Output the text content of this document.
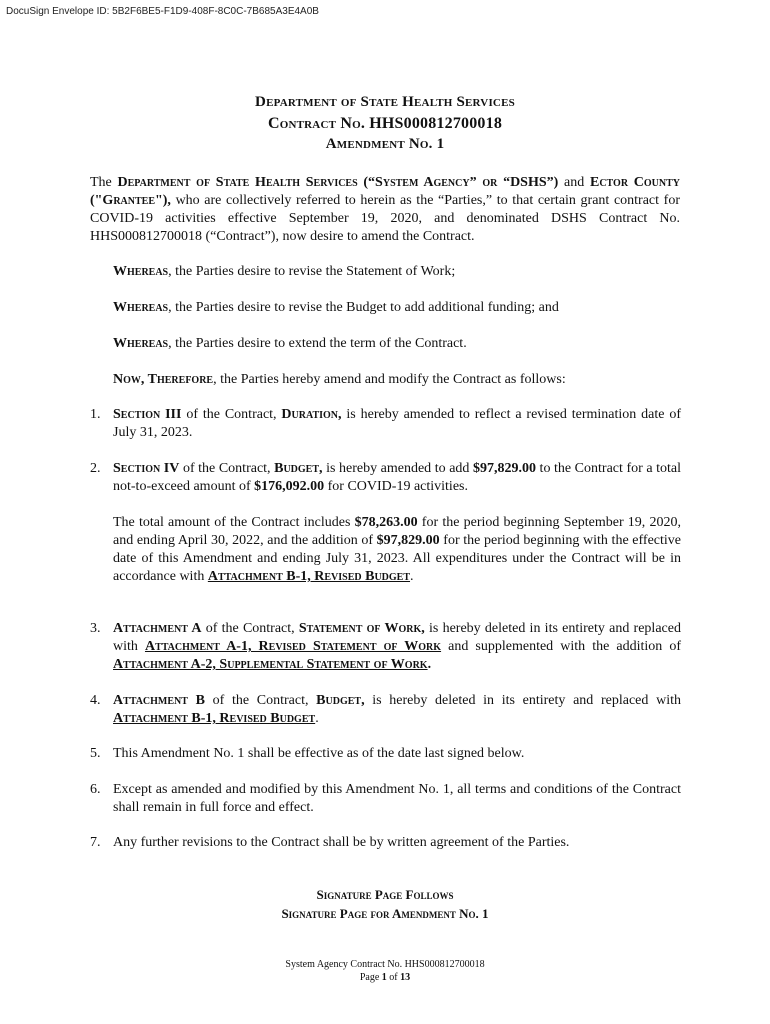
DocuSign Envelope ID: 5B2F6BE5-F1D9-408F-8C0C-7B685A3E4A0B
Department of State Health Services
Contract No. HHS000812700018
Amendment No. 1
The Department of State Health Services (“System Agency” or “DSHS”) and Ector County ("Grantee"), who are collectively referred to herein as the “Parties,” to that certain grant contract for COVID-19 activities effective September 19, 2020, and denominated DSHS Contract No. HHS000812700018 (“Contract”), now desire to amend the Contract.
Whereas, the Parties desire to revise the Statement of Work;
Whereas, the Parties desire to revise the Budget to add additional funding; and
Whereas, the Parties desire to extend the term of the Contract.
Now, Therefore, the Parties hereby amend and modify the Contract as follows:
1. Section III of the Contract, Duration, is hereby amended to reflect a revised termination date of July 31, 2023.
2. Section IV of the Contract, Budget, is hereby amended to add $97,829.00 to the Contract for a total not-to-exceed amount of $176,092.00 for COVID-19 activities.
The total amount of the Contract includes $78,263.00 for the period beginning September 19, 2020, and ending April 30, 2022, and the addition of $97,829.00 for the period beginning with the effective date of this Amendment and ending July 31, 2023. All expenditures under the Contract will be in accordance with Attachment B-1, Revised Budget.
3. Attachment A of the Contract, Statement of Work, is hereby deleted in its entirety and replaced with Attachment A-1, Revised Statement of Work and supplemented with the addition of Attachment A-2, Supplemental Statement of Work.
4. Attachment B of the Contract, Budget, is hereby deleted in its entirety and replaced with Attachment B-1, Revised Budget.
5. This Amendment No. 1 shall be effective as of the date last signed below.
6. Except as amended and modified by this Amendment No. 1, all terms and conditions of the Contract shall remain in full force and effect.
7. Any further revisions to the Contract shall be by written agreement of the Parties.
Signature Page Follows
Signature Page for Amendment No. 1
System Agency Contract No. HHS000812700018
Page 1 of 13
